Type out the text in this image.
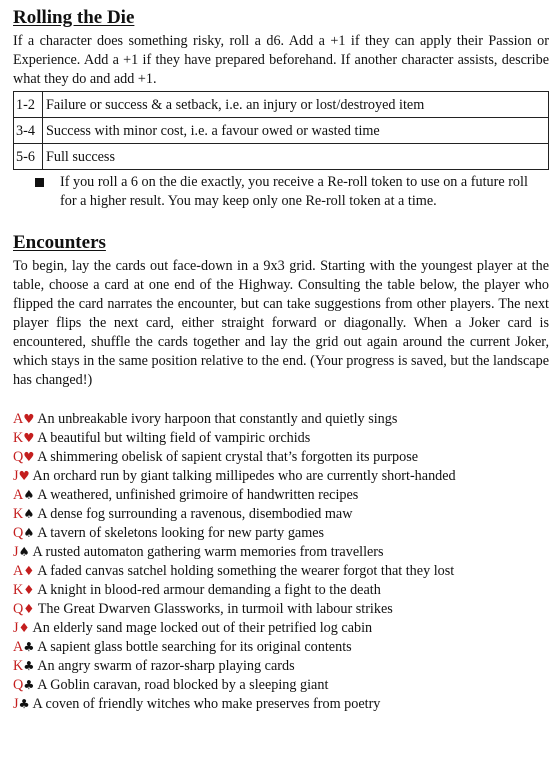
Rolling the Die

If a character does something risky, roll a d6. Add a +1 if they can apply their Passion or Experience. Add a +1 if they have prepared beforehand. If another character assists, describe what they do and add +1.

1-2	Failure or success & a setback, i.e. an injury or lost/destroyed item
3-4	Success with minor cost, i.e. a favour owed or wasted time
5-6	Full success
If you roll a 6 on the die exactly, you receive a Re-roll token to use on a future roll for a higher result. You may keep only one Re-roll token at a time.
Encounters

To begin, lay the cards out face-down in a 9x3 grid. Starting with the youngest player at the table, choose a card at one end of the Highway. Consulting the table below, the player who flipped the card narrates the encounter, but can take suggestions from other players. The next player flips the next card, either straight forward or diagonally. When a Joker card is encountered, shuffle the cards together and lay the grid out again around the current Joker, which stays in the same position relative to the end. (Your progress is saved, but the landscape has changed!)

A♥ An unbreakable ivory harpoon that constantly and quietly sings
K♥ A beautiful but wilting field of vampiric orchids
Q♥ A shimmering obelisk of sapient crystal that’s forgotten its purpose
J♥ An orchard run by giant talking millipedes who are currently short-handed
A♠ A weathered, unfinished grimoire of handwritten recipes
K♠ A dense fog surrounding a ravenous, disembodied maw
Q♠ A tavern of skeletons looking for new party games
J♠ A rusted automaton gathering warm memories from travellers
A♦ A faded canvas satchel holding something the wearer forgot that they lost
K♦ A knight in blood-red armour demanding a fight to the death
Q♦ The Great Dwarven Glassworks, in turmoil with labour strikes
J♦ An elderly sand mage locked out of their petrified log cabin
A♣ A sapient glass bottle searching for its original contents
K♣ An angry swarm of razor-sharp playing cards
Q♣ A Goblin caravan, road blocked by a sleeping giant
J♣ A coven of friendly witches who make preserves from poetry
